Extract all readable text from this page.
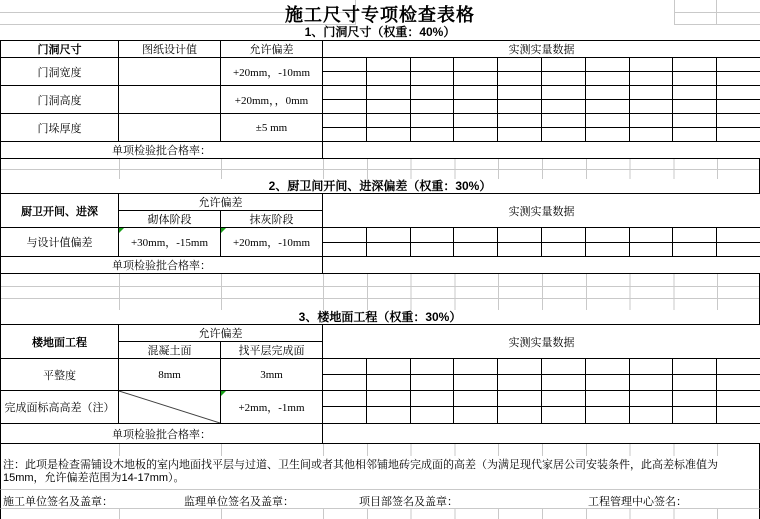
施工尺寸专项检查表格
1、门洞尺寸（权重：40%）
门洞尺寸	图纸设计值	允许偏差	实测实量数据									
门洞宽度		+20mm，-10mm										

门洞高度		+20mm，，0mm										

门垛厚度		±5 mm										

单项检验批合格率：												
2、厨卫间开间、进深偏差（权重：30%）
厨卫开间、进深	允许偏差		实测实量数据									
	砌体阶段	抹灰阶段										
与设计值偏差	+30mm，-15mm	+20mm，-10mm										

单项检验批合格率：												
3、楼地面工程（权重：30%）
楼地面工程	允许偏差		实测实量数据									
	混凝土面	找平层完成面										
平整度	8mm	3mm										

完成面标高高差（注）		+2mm，-1mm										

单项检验批合格率：												
注：此项是检查需铺设木地板的室内地面找平层与过道、卫生间或者其他相邻铺地砖完成面的高差（为满足现代家居公司安装条件，此高差标准值为15mm，允许偏差范围为14-17mm）。
施工单位签名及盖章：	监理单位签名及盖章：	项目部签名及盖章：	工程管理中心签名：
